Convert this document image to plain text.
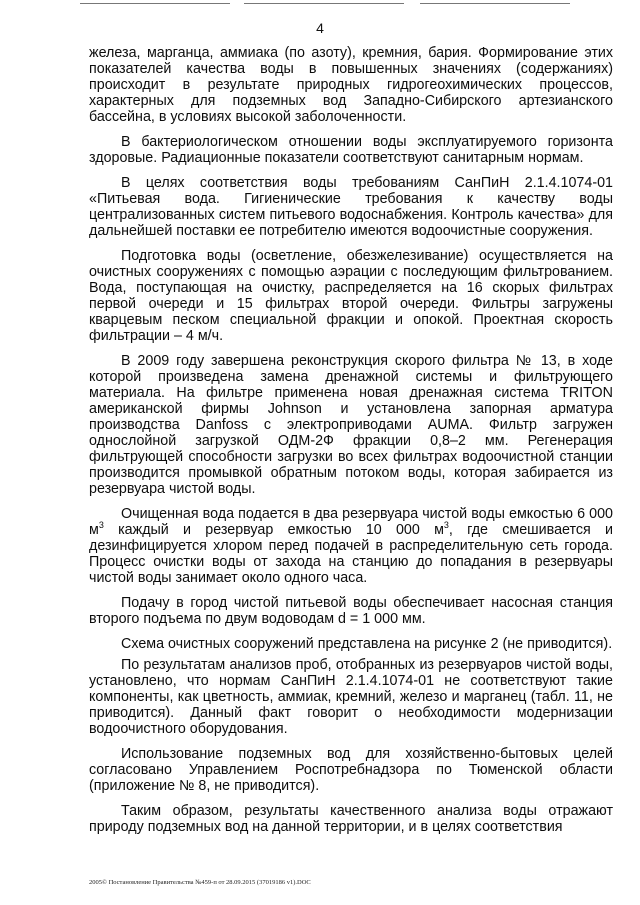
4

железа, марганца, аммиака (по азоту), кремния, бария. Формирование этих показателей качества воды в повышенных значениях (содержаниях) происходит в результате природных гидрогеохимических процессов, характерных для подземных вод Западно-Сибирского артезианского бассейна, в условиях высокой заболоченности.

В бактериологическом отношении воды эксплуатируемого горизонта здоровые. Радиационные показатели соответствуют санитарным нормам.

В целях соответствия воды требованиям СанПиН 2.1.4.1074-01 «Питьевая вода. Гигиенические требования к качеству воды централизованных систем питьевого водоснабжения. Контроль качества» для дальнейшей поставки ее потребителю имеются водоочистные сооружения.

Подготовка воды (осветление, обезжелезивание) осуществляется на очистных сооружениях с помощью аэрации с последующим фильтрованием. Вода, поступающая на очистку, распределяется на 16 скорых фильтрах первой очереди и 15 фильтрах второй очереди. Фильтры загружены кварцевым песком специальной фракции и опокой. Проектная скорость фильтрации – 4 м/ч.

В 2009 году завершена реконструкция скорого фильтра № 13, в ходе которой произведена замена дренажной системы и фильтрующего материала. На фильтре применена новая дренажная система TRITON американской фирмы Johnson и установлена запорная арматура производства Danfoss с электроприводами AUMA. Фильтр загружен однослойной загрузкой ОДМ-2Ф фракции 0,8–2 мм. Регенерация фильтрующей способности загрузки во всех фильтрах водоочистной станции производится промывкой обратным потоком воды, которая забирается из резервуара чистой воды.

Очищенная вода подается в два резервуара чистой воды емкостью 6 000 $м^3$ каждый и резервуар емкостью 10 000 $м^3$, где смешивается и дезинфицируется хлором перед подачей в распределительную сеть города. Процесс очистки воды от захода на станцию до попадания в резервуары чистой воды занимает около одного часа.

Подачу в город чистой питьевой воды обеспечивает насосная станция второго подъема по двум водоводам d = 1 000 мм.

Схема очистных сооружений представлена на рисунке 2 (не приводится).

По результатам анализов проб, отобранных из резервуаров чистой воды, установлено, что нормам СанПиН 2.1.4.1074-01 не соответствуют такие компоненты, как цветность, аммиак, кремний, железо и марганец (табл. 11, не приводится). Данный факт говорит о необходимости модернизации водоочистного оборудования.

Использование подземных вод для хозяйственно-бытовых целей согласовано Управлением Роспотребнадзора по Тюменской области (приложение № 8, не приводится).

Таким образом, результаты качественного анализа воды отражают природу подземных вод на данной территории, и в целях соответствия

2005© Постановление Правительства №459-п от 28.09.2015 (37019186 v1).DOC
